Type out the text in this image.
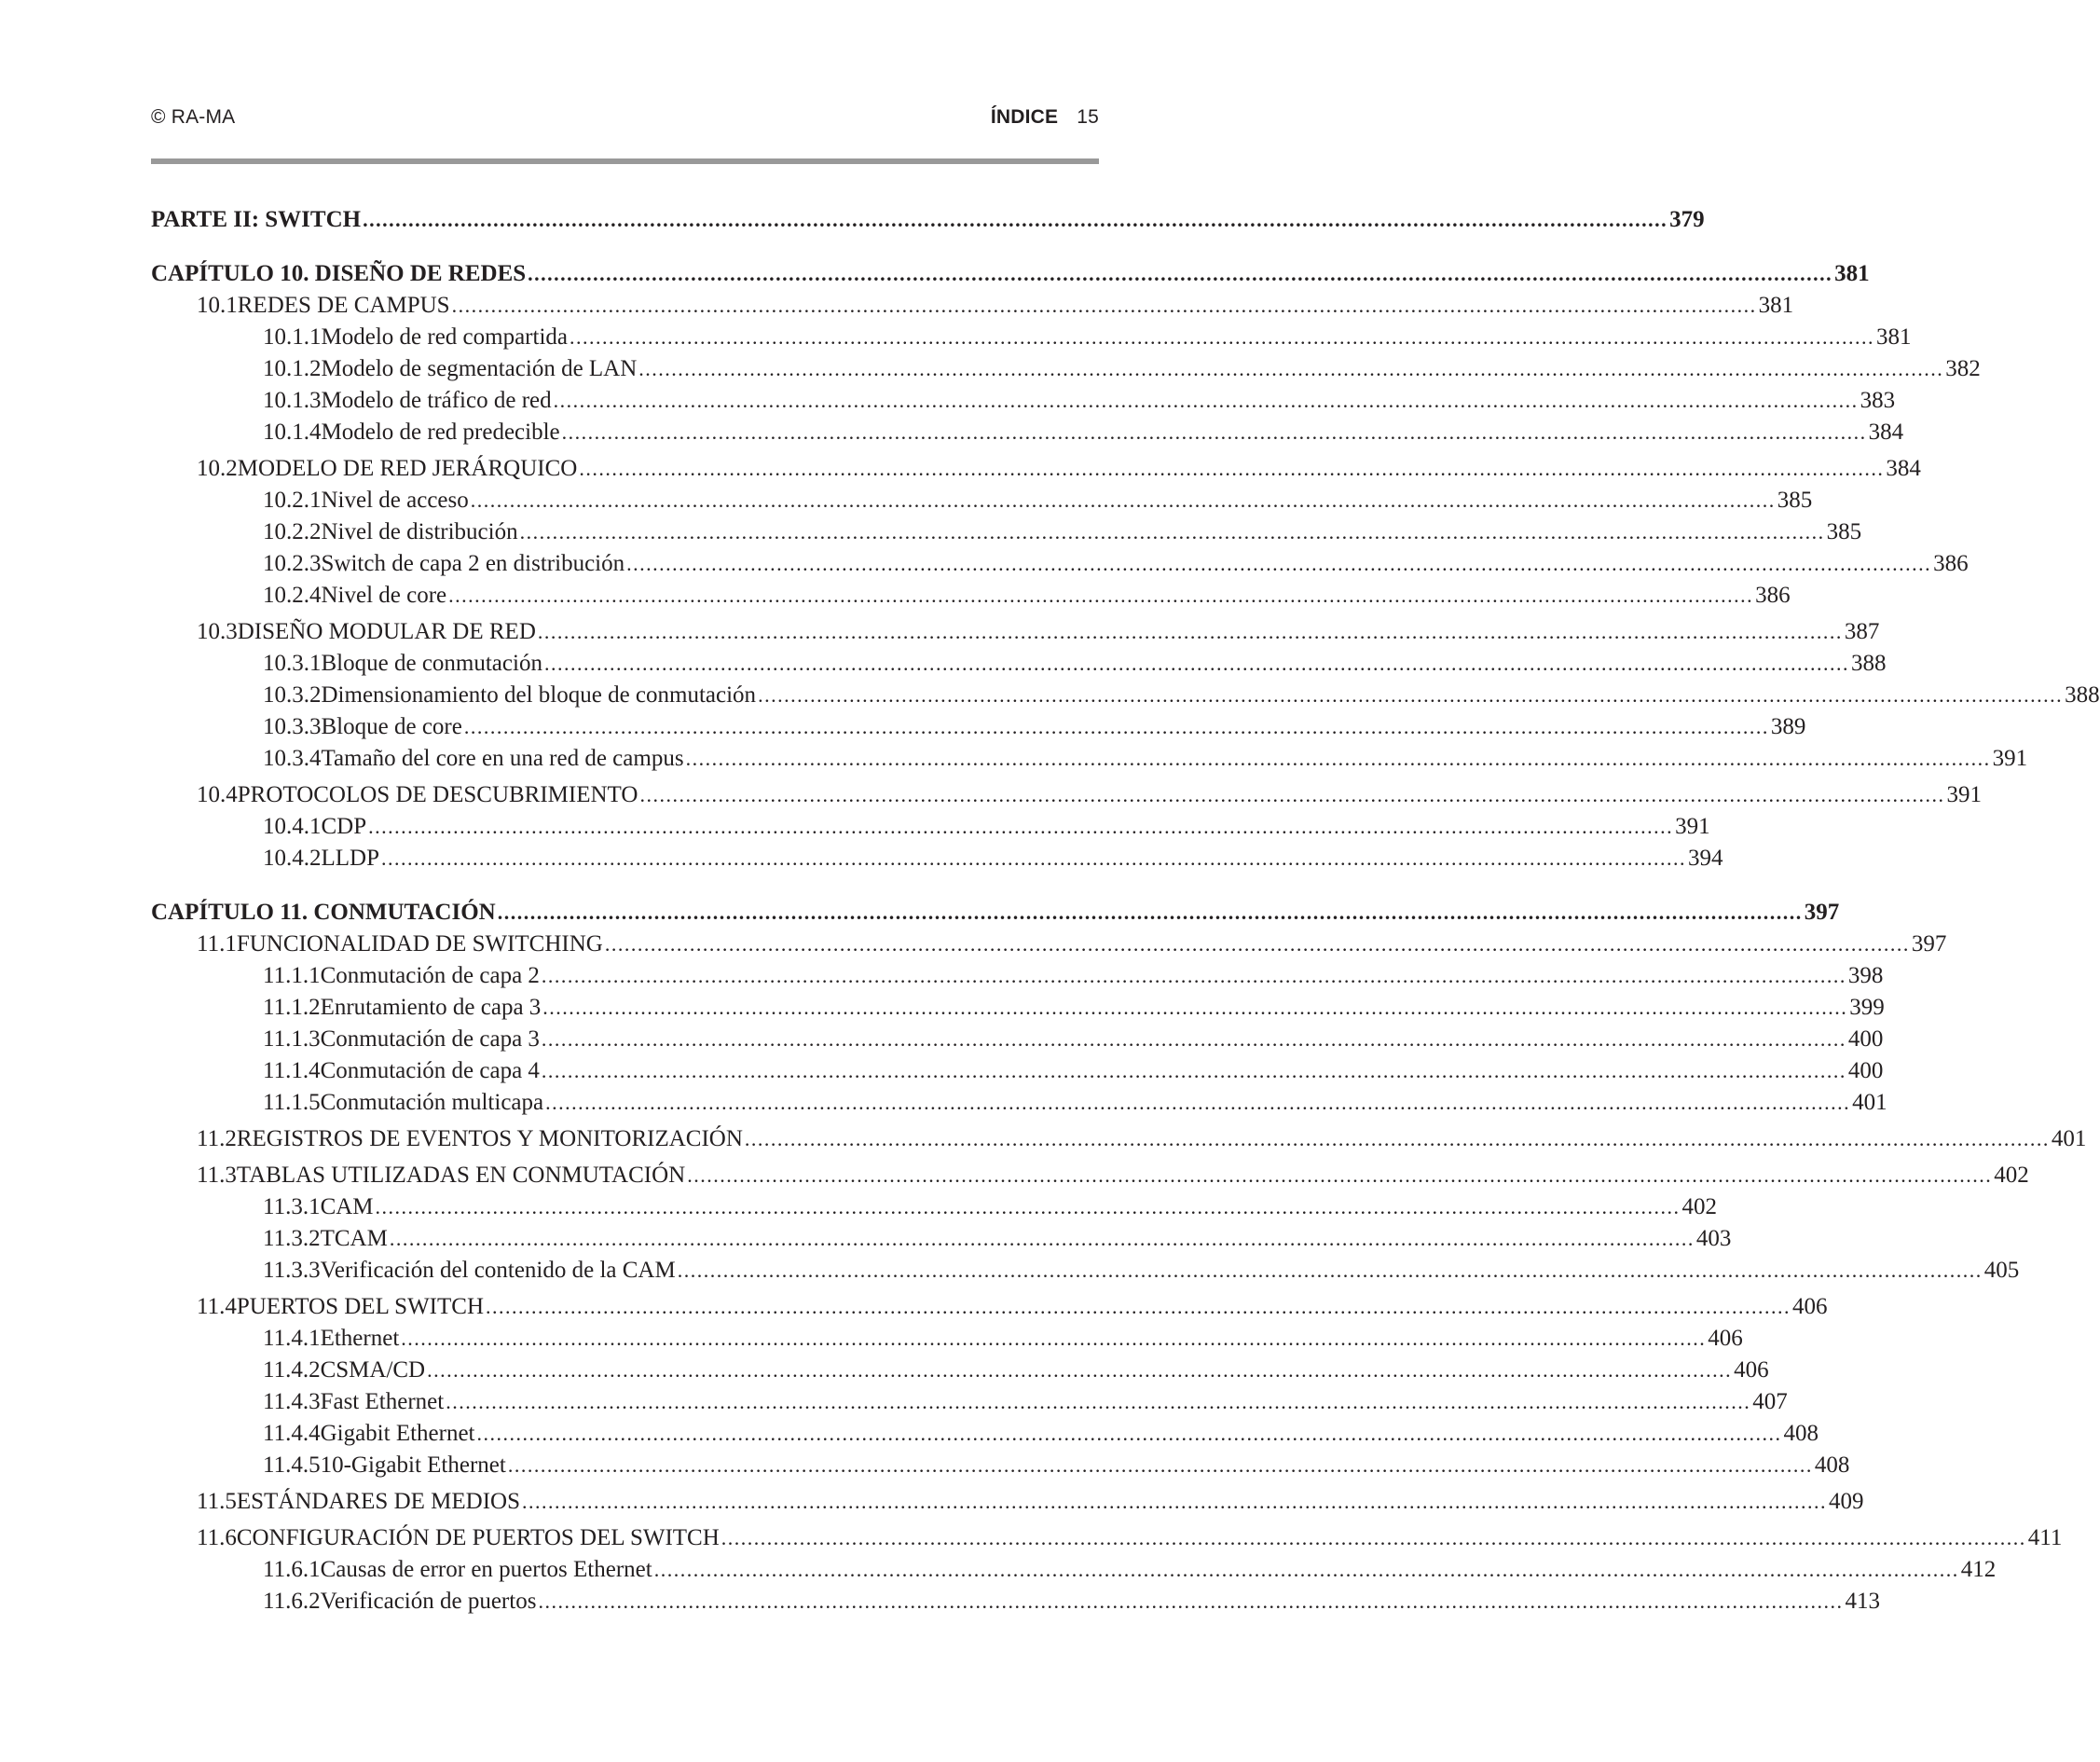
© RA-MA	ÍNDICE 15
PARTE II: SWITCH ........................................................................................................................................................................................................ 379
CAPÍTULO 10. DISEÑO DE REDES ........................................................................................................................................................................................................ 381
10.1 REDES DE CAMPUS ........................................................................................................................................................................................................ 381
10.1.1 Modelo de red compartida ........................................................................................................................................................................................................ 381
10.1.2 Modelo de segmentación de LAN ........................................................................................................................................................................................................ 382
10.1.3 Modelo de tráfico de red ........................................................................................................................................................................................................ 383
10.1.4 Modelo de red predecible ........................................................................................................................................................................................................ 384
10.2 MODELO DE RED JERÁRQUICO ........................................................................................................................................................................................................ 384
10.2.1 Nivel de acceso ........................................................................................................................................................................................................ 385
10.2.2 Nivel de distribución ........................................................................................................................................................................................................ 385
10.2.3 Switch de capa 2 en distribución ........................................................................................................................................................................................................ 386
10.2.4 Nivel de core ........................................................................................................................................................................................................ 386
10.3 DISEÑO MODULAR DE RED ........................................................................................................................................................................................................ 387
10.3.1 Bloque de conmutación ........................................................................................................................................................................................................ 388
10.3.2 Dimensionamiento del bloque de conmutación ........................................................................................................................................................................................................ 388
10.3.3 Bloque de core ........................................................................................................................................................................................................ 389
10.3.4 Tamaño del core en una red de campus ........................................................................................................................................................................................................ 391
10.4 PROTOCOLOS DE DESCUBRIMIENTO ........................................................................................................................................................................................................ 391
10.4.1 CDP ........................................................................................................................................................................................................ 391
10.4.2 LLDP ........................................................................................................................................................................................................ 394
CAPÍTULO 11. CONMUTACIÓN ........................................................................................................................................................................................................ 397
11.1 FUNCIONALIDAD DE SWITCHING ........................................................................................................................................................................................................ 397
11.1.1 Conmutación de capa 2 ........................................................................................................................................................................................................ 398
11.1.2 Enrutamiento de capa 3 ........................................................................................................................................................................................................ 399
11.1.3 Conmutación de capa 3 ........................................................................................................................................................................................................ 400
11.1.4 Conmutación de capa 4 ........................................................................................................................................................................................................ 400
11.1.5 Conmutación multicapa ........................................................................................................................................................................................................ 401
11.2 REGISTROS DE EVENTOS Y MONITORIZACIÓN ........................................................................................................................................................................................................ 401
11.3 TABLAS UTILIZADAS EN CONMUTACIÓN ........................................................................................................................................................................................................ 402
11.3.1 CAM ........................................................................................................................................................................................................ 402
11.3.2 TCAM ........................................................................................................................................................................................................ 403
11.3.3 Verificación del contenido de la CAM ........................................................................................................................................................................................................ 405
11.4 PUERTOS DEL SWITCH ........................................................................................................................................................................................................ 406
11.4.1 Ethernet ........................................................................................................................................................................................................ 406
11.4.2 CSMA/CD ........................................................................................................................................................................................................ 406
11.4.3 Fast Ethernet ........................................................................................................................................................................................................ 407
11.4.4 Gigabit Ethernet ........................................................................................................................................................................................................ 408
11.4.5 10-Gigabit Ethernet ........................................................................................................................................................................................................ 408
11.5 ESTÁNDARES DE MEDIOS ........................................................................................................................................................................................................ 409
11.6 CONFIGURACIÓN DE PUERTOS DEL SWITCH ........................................................................................................................................................................................................ 411
11.6.1 Causas de error en puertos Ethernet ........................................................................................................................................................................................................ 412
11.6.2 Verificación de puertos ........................................................................................................................................................................................................ 413
